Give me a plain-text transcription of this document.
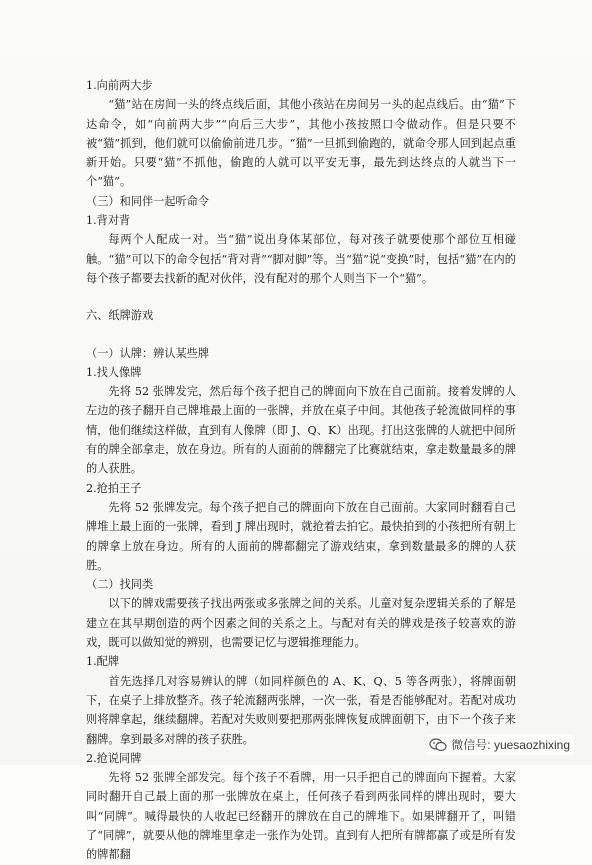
1.向前两大步

“猫”站在房间一头的终点线后面，其他小孩站在房间另一头的起点线后。由“猫”下达命令，如“向前两大步”“向后三大步”，其他小孩按照口令做动作。但是只要不被“猫”抓到，他们就可以偷偷前进几步。“猫”一旦抓到偷跑的，就命令那人回到起点重新开始。只要“猫”不抓他，偷跑的人就可以平安无事，最先到达终点的人就当下一个“猫”。

（三）和同伴一起听命令

1.背对背

每两个人配成一对。当“猫”说出身体某部位，每对孩子就要使那个部位互相碰触。“猫”可以下的命令包括“背对背”“脚对脚”等。当“猫”说“变换”时，包括“猫”在内的每个孩子都要去找新的配对伙伴，没有配对的那个人则当下一个“猫”。

六、纸牌游戏

（一）认牌：辨认某些牌

1.找人像牌

先将 52 张牌发完，然后每个孩子把自己的牌面向下放在自己面前。接着发牌的人左边的孩子翻开自己牌堆最上面的一张牌，并放在桌子中间。其他孩子轮流做同样的事情，他们继续这样做，直到有人像牌（即 J、Q、K）出现。打出这张牌的人就把中间所有的牌全部拿走，放在身边。所有的人面前的牌翻完了比赛就结束，拿走数量最多的牌的人获胜。

2.抢拍王子

先将 52 张牌发完。每个孩子把自己的牌面向下放在自己面前。大家同时翻看自己牌堆上最上面的一张牌，看到 J 牌出现时，就抢着去拍它。最快拍到的小孩把所有朝上的牌拿上放在身边。所有的人面前的牌都翻完了游戏结束，拿到数量最多的牌的人获胜。

（二）找同类

以下的牌戏需要孩子找出两张或多张牌之间的关系。儿童对复杂逻辑关系的了解是建立在其早期创造的两个因素之间的关系之上。与配对有关的牌戏是孩子较喜欢的游戏，既可以做知觉的辨别，也需要记忆与逻辑推理能力。

1.配牌

首先选择几对容易辨认的牌（如同样颜色的 A、K、Q、5 等各两张），将牌面朝下，在桌子上排放整齐。孩子轮流翻两张牌，一次一张，看是否能够配对。若配对成功则将牌拿起，继续翻牌。若配对失败则要把那两张牌恢复成牌面朝下，由下一个孩子来翻牌。拿到最多对牌的孩子获胜。

2.抢说同牌

先将 52 张牌全部发完。每个孩子不看牌，用一只手把自己的牌面向下握着。大家同时翻开自己最上面的那一张牌放在桌上，任何孩子看到两张同样的牌出现时，要大叫“同牌”。喊得最快的人收起已经翻开的牌放在自己的牌堆下。如果牌翻开了，叫错了“同牌”，就要从他的牌堆里拿走一张作为处罚。直到有人把所有牌都赢了或是所有发的牌都翻

微信号: yuesaozhixing
